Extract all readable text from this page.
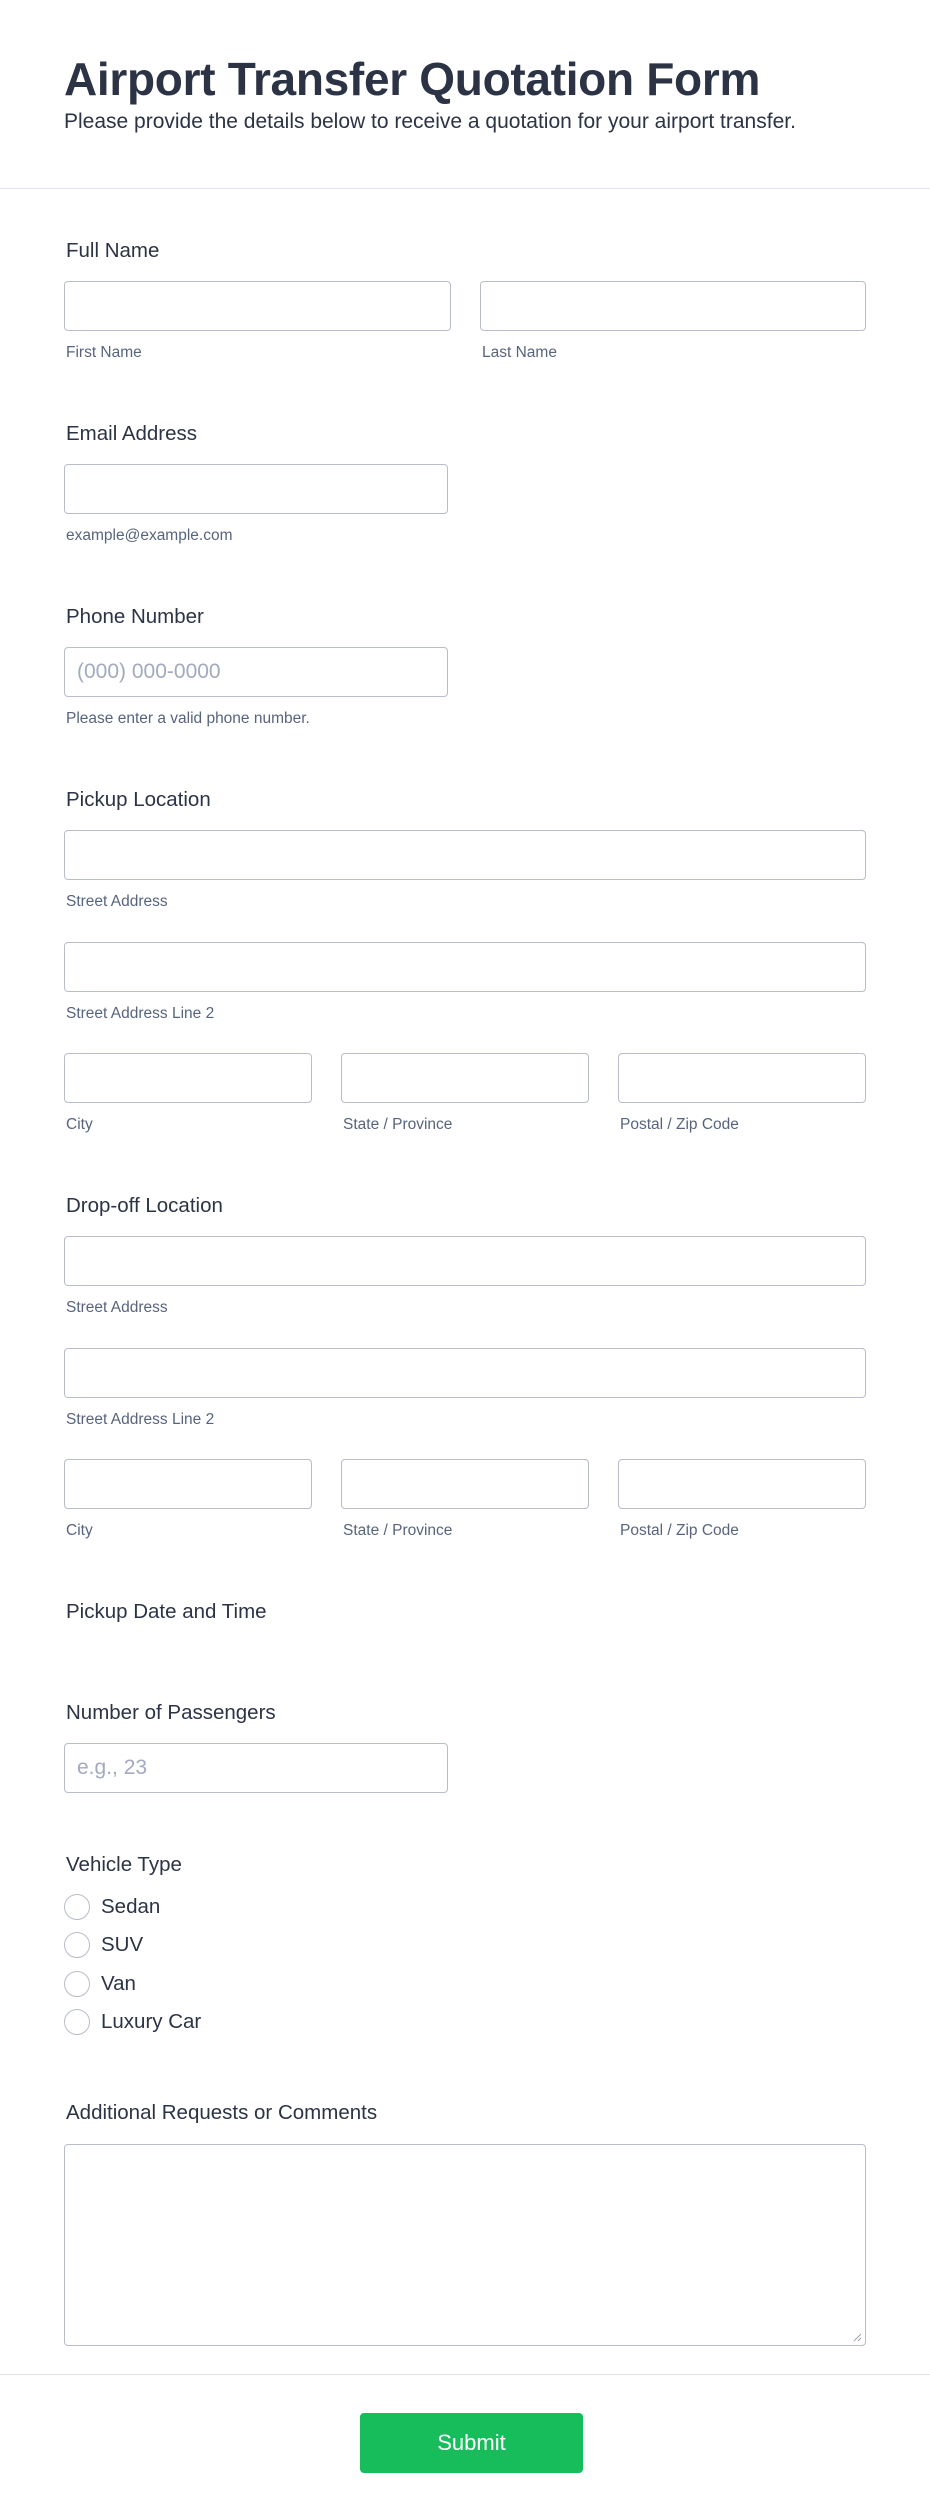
Airport Transfer Quotation Form

Please provide the details below to receive a quotation for your airport transfer.

Full Name
First Name	Last Name
Email Address
example@example.com
Phone Number
(000) 000-0000
Please enter a valid phone number.
Pickup Location
Street Address
Street Address Line 2
City	State / Province	Postal / Zip Code
Drop-off Location
Street Address
Street Address Line 2
City	State / Province	Postal / Zip Code
Pickup Date and Time
Number of Passengers
e.g., 23
Vehicle Type
Sedan
SUV
Van
Luxury Car
Additional Requests or Comments
Submit
